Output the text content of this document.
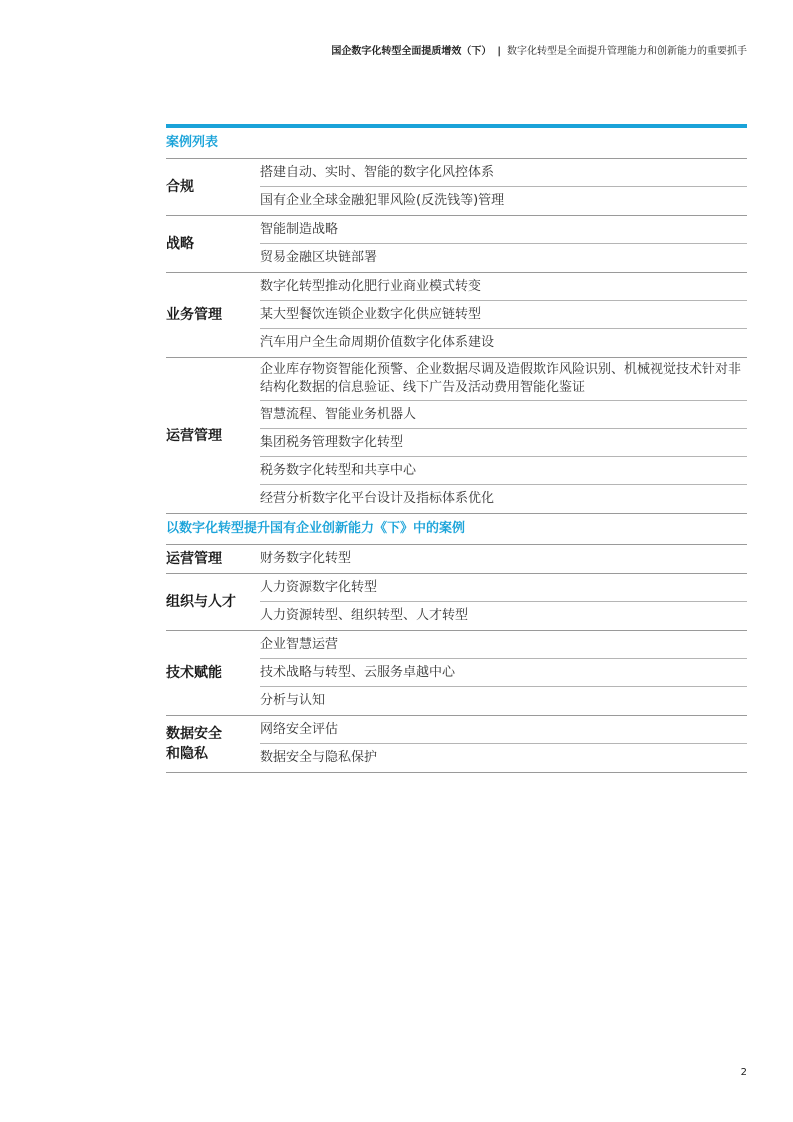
国企数字化转型全面提质增效（下） | 数字化转型是全面提升管理能力和创新能力的重要抓手
案例列表
合规
搭建自动、实时、智能的数字化风控体系
国有企业全球金融犯罪风险(反洗钱等)管理
战略
智能制造战略
贸易金融区块链部署
业务管理
数字化转型推动化肥行业商业模式转变
某大型餐饮连锁企业数字化供应链转型
汽车用户全生命周期价值数字化体系建设
运营管理
企业库存物资智能化预警、企业数据尽调及造假欺诈风险识别、机械视觉技术针对非结构化数据的信息验证、线下广告及活动费用智能化鉴证
智慧流程、智能业务机器人
集团税务管理数字化转型
税务数字化转型和共享中心
经营分析数字化平台设计及指标体系优化
以数字化转型提升国有企业创新能力《下》中的案例
运营管理	财务数字化转型
组织与人才
人力资源数字化转型
人力资源转型、组织转型、人才转型
技术赋能
企业智慧运营
技术战略与转型、云服务卓越中心
分析与认知
数据安全
和隐私
网络安全评估
数据安全与隐私保护
2
